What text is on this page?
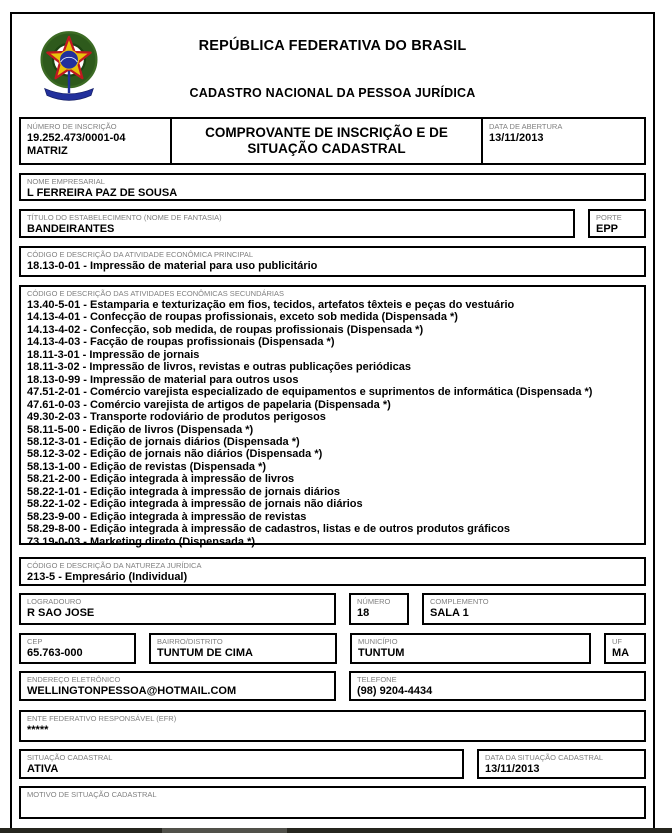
REPÚBLICA FEDERATIVA DO BRASIL
CADASTRO NACIONAL DA PESSOA JURÍDICA
NÚMERO DE INSCRIÇÃO
19.252.473/0001-04
MATRIZ
COMPROVANTE DE INSCRIÇÃO E DE SITUAÇÃO CADASTRAL
DATA DE ABERTURA
13/11/2013
NOME EMPRESARIAL
L FERREIRA PAZ DE SOUSA
TÍTULO DO ESTABELECIMENTO (NOME DE FANTASIA)
BANDEIRANTES
PORTE
EPP
CÓDIGO E DESCRIÇÃO DA ATIVIDADE ECONÔMICA PRINCIPAL
18.13-0-01 - Impressão de material para uso publicitário
CÓDIGO E DESCRIÇÃO DAS ATIVIDADES ECONÔMICAS SECUNDÁRIAS
13.40-5-01 - Estamparia e texturização em fios, tecidos, artefatos têxteis e peças do vestuário
14.13-4-01 - Confecção de roupas profissionais, exceto sob medida (Dispensada *)
14.13-4-02 - Confecção, sob medida, de roupas profissionais (Dispensada *)
14.13-4-03 - Facção de roupas profissionais (Dispensada *)
18.11-3-01 - Impressão de jornais
18.11-3-02 - Impressão de livros, revistas e outras publicações periódicas
18.13-0-99 - Impressão de material para outros usos
47.51-2-01 - Comércio varejista especializado de equipamentos e suprimentos de informática (Dispensada *)
47.61-0-03 - Comércio varejista de artigos de papelaria (Dispensada *)
49.30-2-03 - Transporte rodoviário de produtos perigosos
58.11-5-00 - Edição de livros (Dispensada *)
58.12-3-01 - Edição de jornais diários (Dispensada *)
58.12-3-02 - Edição de jornais não diários (Dispensada *)
58.13-1-00 - Edição de revistas (Dispensada *)
58.21-2-00 - Edição integrada à impressão de livros
58.22-1-01 - Edição integrada à impressão de jornais diários
58.22-1-02 - Edição integrada à impressão de jornais não diários
58.23-9-00 - Edição integrada à impressão de revistas
58.29-8-00 - Edição integrada à impressão de cadastros, listas e de outros produtos gráficos
73.19-0-03 - Marketing direto (Dispensada *)
CÓDIGO E DESCRIÇÃO DA NATUREZA JURÍDICA
213-5 - Empresário (Individual)
LOGRADOURO
R SAO JOSE
NÚMERO
18
COMPLEMENTO
SALA 1
CEP
65.763-000
BAIRRO/DISTRITO
TUNTUM DE CIMA
MUNICÍPIO
TUNTUM
UF
MA
ENDEREÇO ELETRÔNICO
WELLINGTONPESSOA@HOTMAIL.COM
TELEFONE
(98) 9204-4434
ENTE FEDERATIVO RESPONSÁVEL (EFR)
*****
SITUAÇÃO CADASTRAL
ATIVA
DATA DA SITUAÇÃO CADASTRAL
13/11/2013
MOTIVO DE SITUAÇÃO CADASTRAL
